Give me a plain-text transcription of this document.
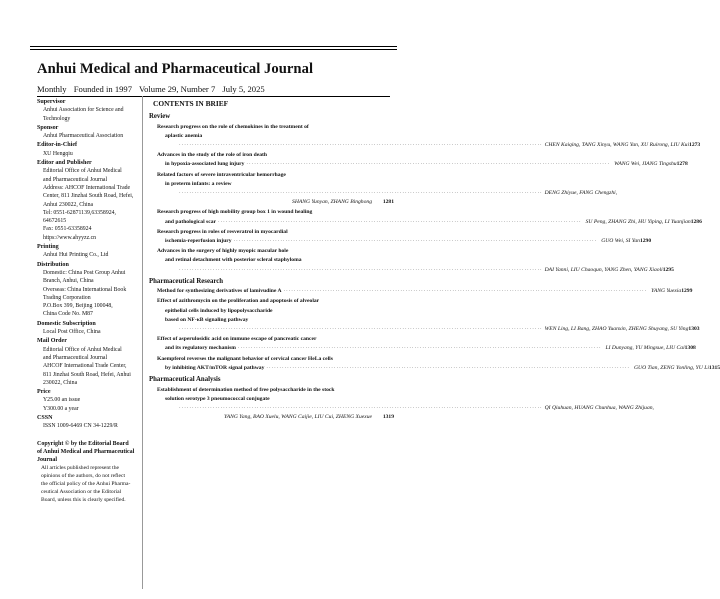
Anhui Medical and Pharmaceutical Journal
Monthly Founded in 1997 Volume 29, Number 7 July 5, 2025
Supervisor
Anhui Association for Science and
Technology
Sponsor
Anhui Pharmaceutical Association
Editor-in-Chief
XU Hengqiu
Editor and Publisher
Editorial Office of Anhui Medical
and Pharmaceutical Journal
Address: AHCOF International Trade
Center, 811 Jinzhai South Road, Hefei,
Anhui 230022, China
Tel: 0551-62871139,63358924,
64672615
Fax: 0551-63358924
https://www.ahyyzz.cn
Printing
Anhui Hui Printing Co., Ltd
Distribution
Domestic: China Post Group Anhui
Branch, Anhui, China
Overseas: China International Book
Trading Corporation
P.O.Box 399, Beijing 100048,
China Code No. M87
Domestic Subscription
Local Post Office, China
Mail Order
Editorial Office of Anhui Medical
and Pharmaceutical Journal
AHCOF International Trade Center,
811 Jinzhai South Road, Hefei, Anhui
230022, China
Price
Y25.00 an issue
Y300.00 a year
CSSN
ISSN 1009-6469 CN 34-1229/R
Copyright © by the Editorial Board
of Anhui Medical and Pharmaceutical
Journal
All articles published represent the
opinions of the authors, do not reflect
the official policy of the Anhui Pharma-
ceutical Association or the Editorial
Board, unless this is clearly specified.
CONTENTS IN BRIEF
Review
Research progress on the role of chemokines in the treatment of
aplastic anemia
············································································································································ CHEN Kaiqing, TANG Xinyu, WANG Yan, XU Ruirong, LIU Kui 1273
Advances in the study of the role of iron death
in hypoxia-associated lung injury ············································································································································ WANG Wei, JIANG Tingshu 1278
Related factors of severe intraventricular hemorrhage
in preterm infants: a review
············································································································································ DENG Zhiyue, FANG Chengzhi,
SHANG Yunyan, ZHANG Binghong	1281
Research progress of high mobility group box 1 in wound healing
and pathological scar ············································································································································ SU Peng, ZHANG Zhi, HU Yiping, LI Yuanjian 1286
Research progress in roles of resveratrol in myocardial
ischemia-reperfusion injury ············································································································································ GUO Wei, SI Yan 1290
Advances in the surgery of highly myopic macular hole
and retinal detachment with posterior scleral staphyloma
············································································································································ DAI Yanni, LIU Chaoqun, YANG Zhen, YANG Xiaoli 1295
Pharmaceutical Research
Method for synthesizing derivatives of lamivudine A ············································································································································ YANG Yuexia 1299
Effect of azithromycin on the proliferation and apoptosis of alveolar
epithelial cells induced by lipopolysaccharide
based on NF-κB signaling pathway
············································································································································ WEN Ling, LI Bang, ZHAO Yuanxin, ZHENG Shuyang, SU Ying 1303
Effect of asperulosidic acid on immune escape of pancreatic cancer
and its regulatory mechanism ············································································································································ LI Dunyang, YU Mingxue, LIU Cai 1308
Kaempferol reverses the malignant behavior of cervical cancer HeLa cells
by inhibiting AKT/mTOR signal pathway ············································································································································ GUO Tian, ZENG Yonling, YU Li 1315
Pharmaceutical Analysis
Establishment of determination method of free polysaccharide in the stock
solution serotype 3 pneumococcal conjugate
············································································································································ QI Qiuhuan, HUANG Chunhua, WANG Zhijuan,
YANG Yang, BAO Xuelu, WANG Caijie, LIU Cui, ZHENG Xuexue	1319
